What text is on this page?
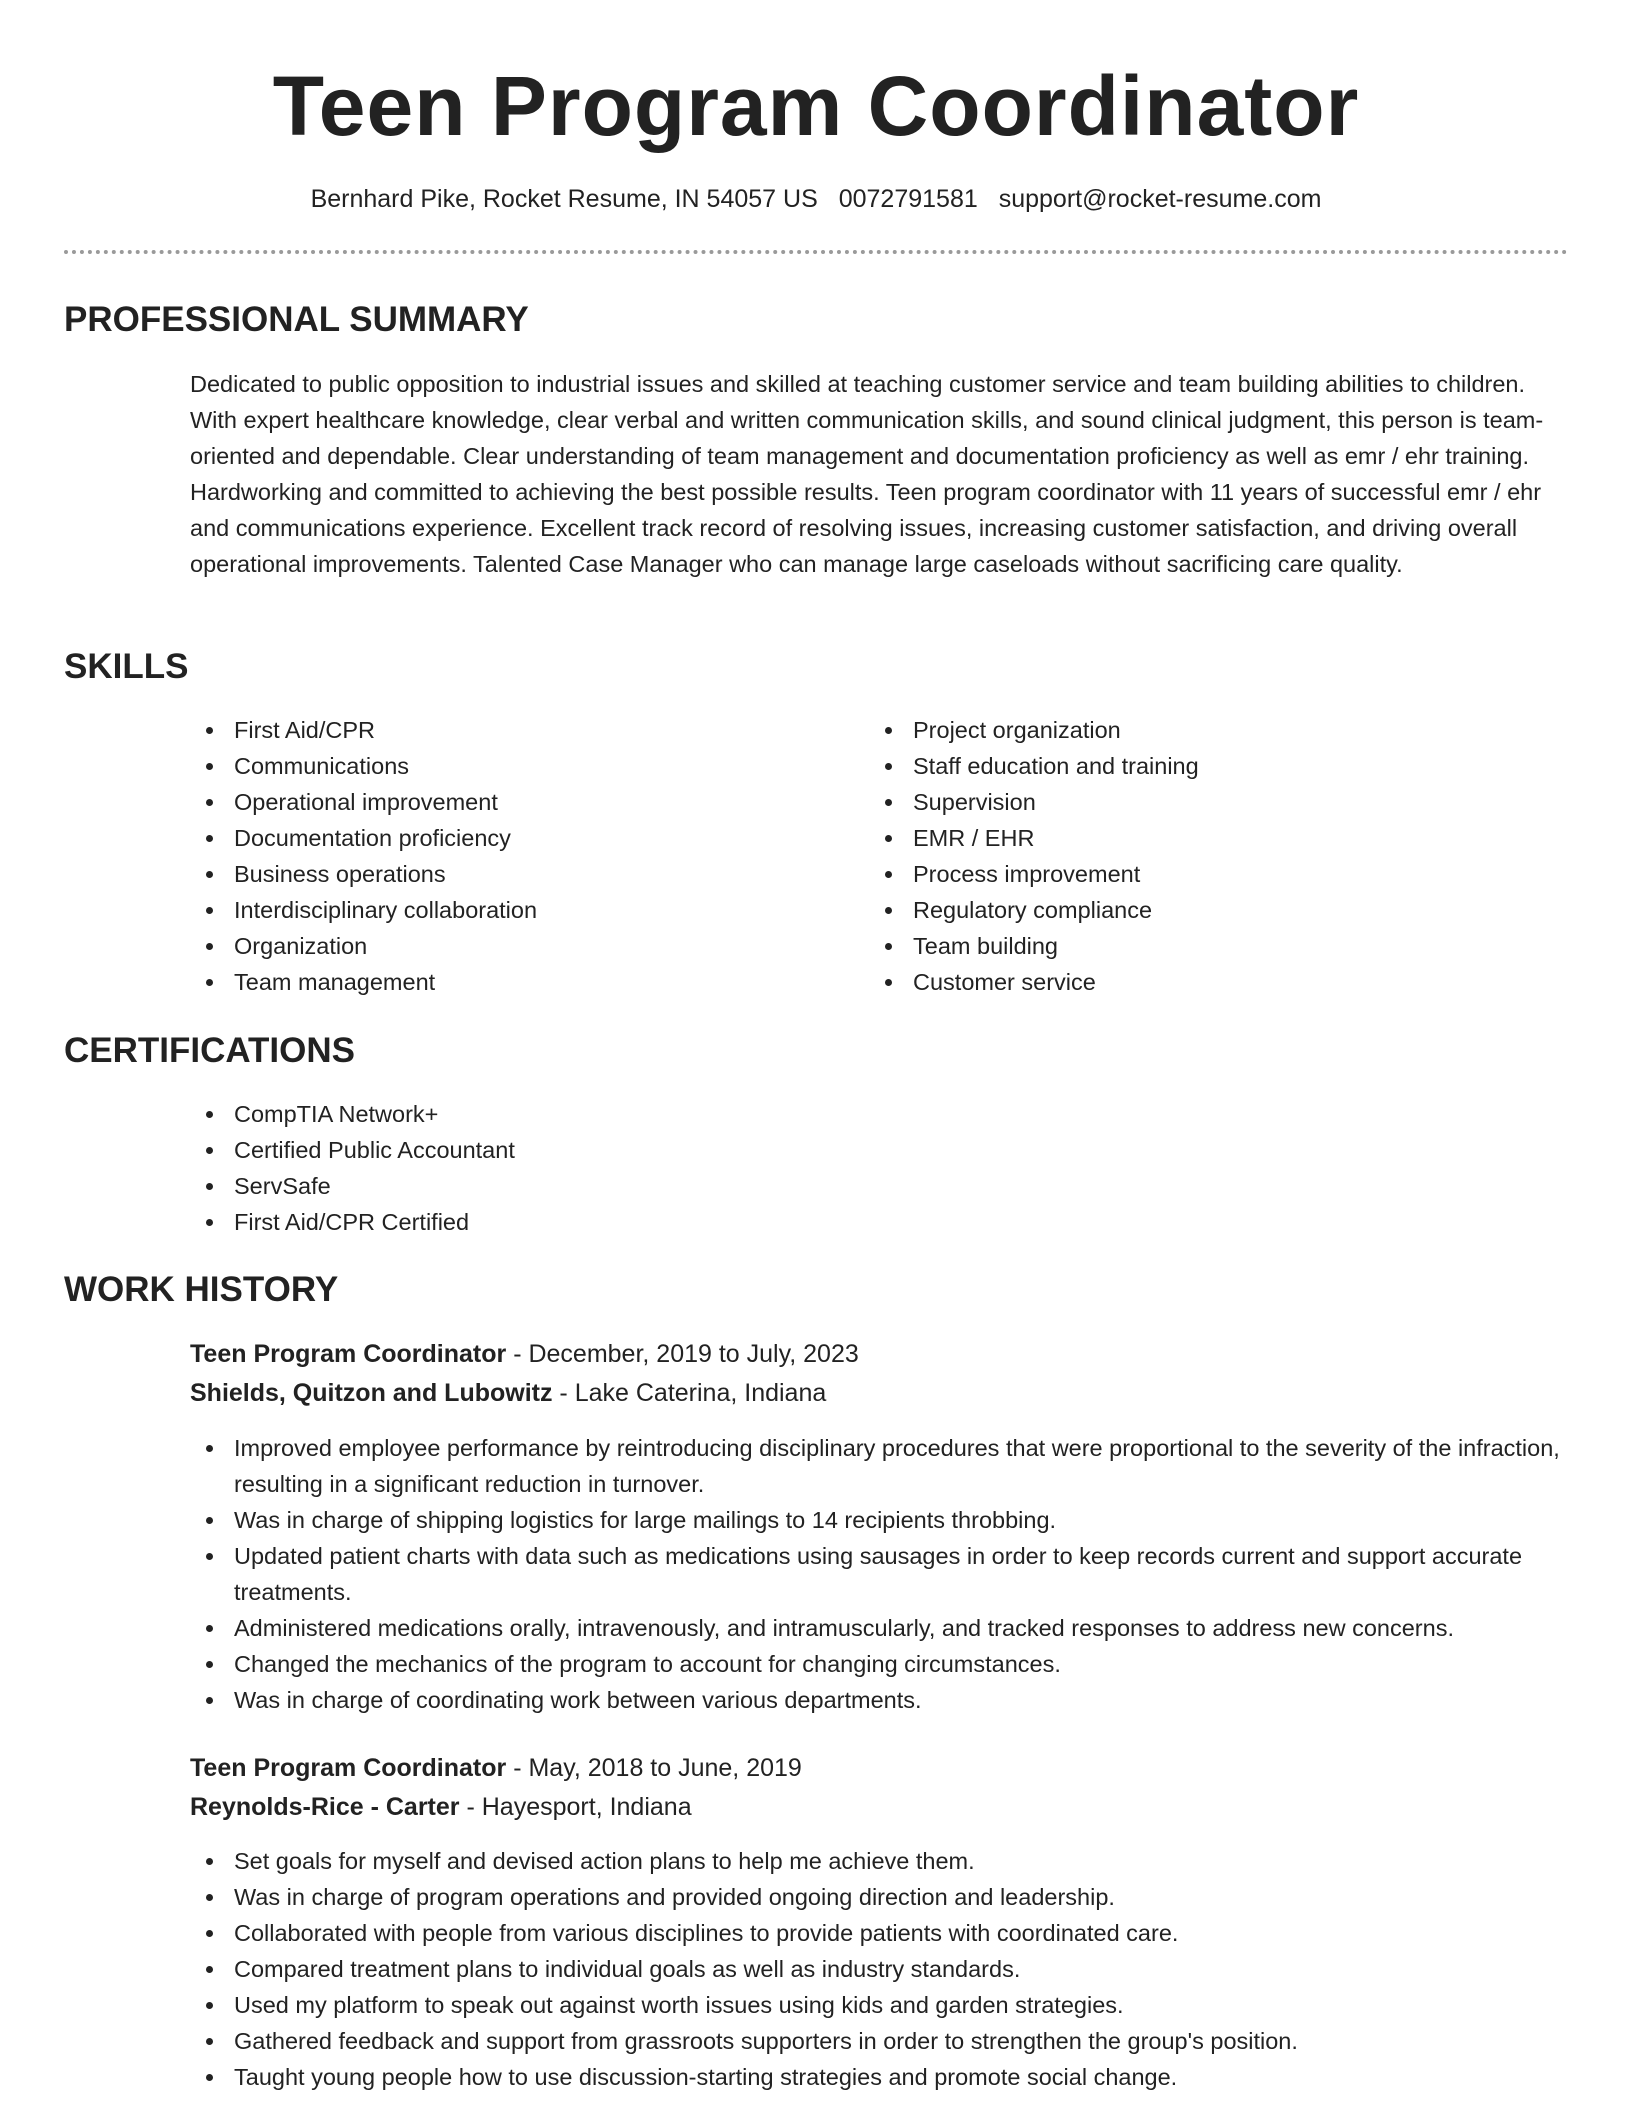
Teen Program Coordinator
Bernhard Pike, Rocket Resume, IN 54057 US 0072791581 support@rocket-resume.com
PROFESSIONAL SUMMARY

Dedicated to public opposition to industrial issues and skilled at teaching customer service and team building abilities to children. With expert healthcare knowledge, clear verbal and written communication skills, and sound clinical judgment, this person is team-oriented and dependable. Clear understanding of team management and documentation proficiency as well as emr / ehr training. Hardworking and committed to achieving the best possible results. Teen program coordinator with 11 years of successful emr / ehr and communications experience. Excellent track record of resolving issues, increasing customer satisfaction, and driving overall operational improvements. Talented Case Manager who can manage large caseloads without sacrificing care quality.

SKILLS
First Aid/CPR
Communications
Operational improvement
Documentation proficiency
Business operations
Interdisciplinary collaboration
Organization
Team management
Project organization
Staff education and training
Supervision
EMR / EHR
Process improvement
Regulatory compliance
Team building
Customer service
CERTIFICATIONS
CompTIA Network+
Certified Public Accountant
ServSafe
First Aid/CPR Certified
WORK HISTORY
Teen Program Coordinator - December, 2019 to July, 2023
Shields, Quitzon and Lubowitz - Lake Caterina, Indiana
Improved employee performance by reintroducing disciplinary procedures that were proportional to the severity of the infraction, resulting in a significant reduction in turnover.
Was in charge of shipping logistics for large mailings to 14 recipients throbbing.
Updated patient charts with data such as medications using sausages in order to keep records current and support accurate treatments.
Administered medications orally, intravenously, and intramuscularly, and tracked responses to address new concerns.
Changed the mechanics of the program to account for changing circumstances.
Was in charge of coordinating work between various departments.
Teen Program Coordinator - May, 2018 to June, 2019
Reynolds-Rice - Carter - Hayesport, Indiana
Set goals for myself and devised action plans to help me achieve them.
Was in charge of program operations and provided ongoing direction and leadership.
Collaborated with people from various disciplines to provide patients with coordinated care.
Compared treatment plans to individual goals as well as industry standards.
Used my platform to speak out against worth issues using kids and garden strategies.
Gathered feedback and support from grassroots supporters in order to strengthen the group's position.
Taught young people how to use discussion-starting strategies and promote social change.
